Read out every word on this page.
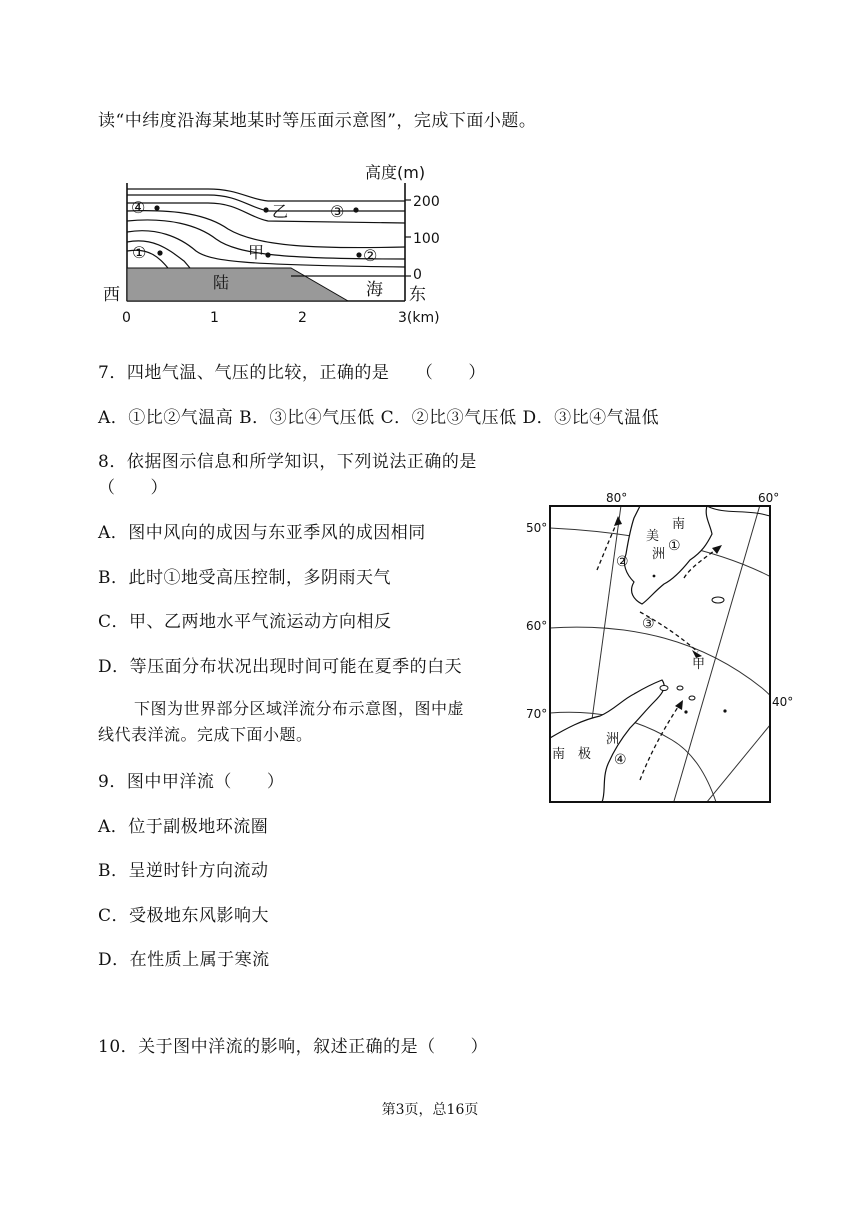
读“中纬度沿海某地某时等压面示意图”，完成下面小题。
④	乙	③
①	甲	②
陆	海
高度(m)
200
100
0
西	东
0	1	2	3(km)
7．四地气温、气压的比较，正确的是　　（　　）
A．①比②气温高 B．③比④气压低 C．②比③气压低 D．③比④气温低
8．依据图示信息和所学知识，下列说法正确的是
（　　）
A．图中风向的成因与东亚季风的成因相同
B．此时①地受高压控制，多阴雨天气
C．甲、乙两地水平气流运动方向相反
D．等压面分布状况出现时间可能在夏季的白天
下图为世界部分区域洋流分布示意图，图中虚
线代表洋流。完成下面小题。
80°	60°
40°
50°
60°
70°
南
美
洲
①
②
③
甲
④
南 极
洲
9．图中甲洋流（　　）
A．位于副极地环流圈
B．呈逆时针方向流动
C．受极地东风影响大
D．在性质上属于寒流
10．关于图中洋流的影响，叙述正确的是（　　）
第3页，总16页
